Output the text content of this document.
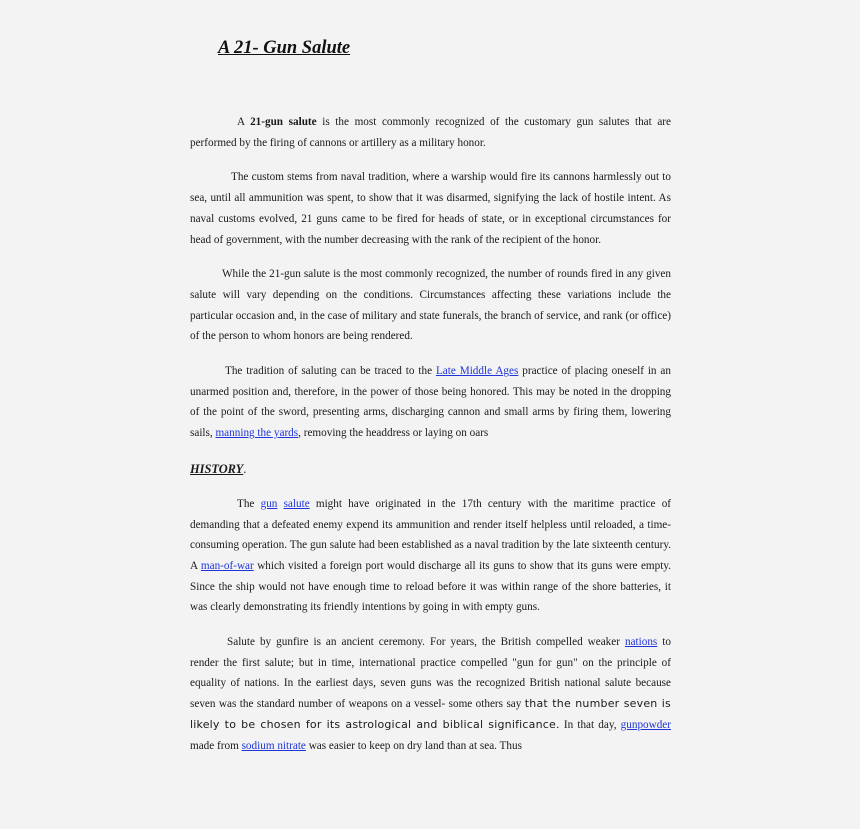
A 21- Gun Salute

A 21-gun salute is the most commonly recognized of the customary gun salutes that are performed by the firing of cannons or artillery as a military honor.

The custom stems from naval tradition, where a warship would fire its cannons harmlessly out to sea, until all ammunition was spent, to show that it was disarmed, signifying the lack of hostile intent. As naval customs evolved, 21 guns came to be fired for heads of state, or in exceptional circumstances for head of government, with the number decreasing with the rank of the recipient of the honor.

While the 21-gun salute is the most commonly recognized, the number of rounds fired in any given salute will vary depending on the conditions. Circumstances affecting these variations include the particular occasion and, in the case of military and state funerals, the branch of service, and rank (or office) of the person to whom honors are being rendered.

The tradition of saluting can be traced to the Late Middle Ages practice of placing oneself in an unarmed position and, therefore, in the power of those being honored. This may be noted in the dropping of the point of the sword, presenting arms, discharging cannon and small arms by firing them, lowering sails, manning the yards, removing the headdress or laying on oars

HISTORY.

The gun salute might have originated in the 17th century with the maritime practice of demanding that a defeated enemy expend its ammunition and render itself helpless until reloaded, a time-consuming operation. The gun salute had been established as a naval tradition by the late sixteenth century. A man-of-war which visited a foreign port would discharge all its guns to show that its guns were empty. Since the ship would not have enough time to reload before it was within range of the shore batteries, it was clearly demonstrating its friendly intentions by going in with empty guns.

Salute by gunfire is an ancient ceremony. For years, the British compelled weaker nations to render the first salute; but in time, international practice compelled "gun for gun" on the principle of equality of nations. In the earliest days, seven guns was the recognized British national salute because seven was the standard number of weapons on a vessel- some others say that the number seven is likely to be chosen for its astrological and biblical significance. In that day, gunpowder made from sodium nitrate was easier to keep on dry land than at sea. Thus
